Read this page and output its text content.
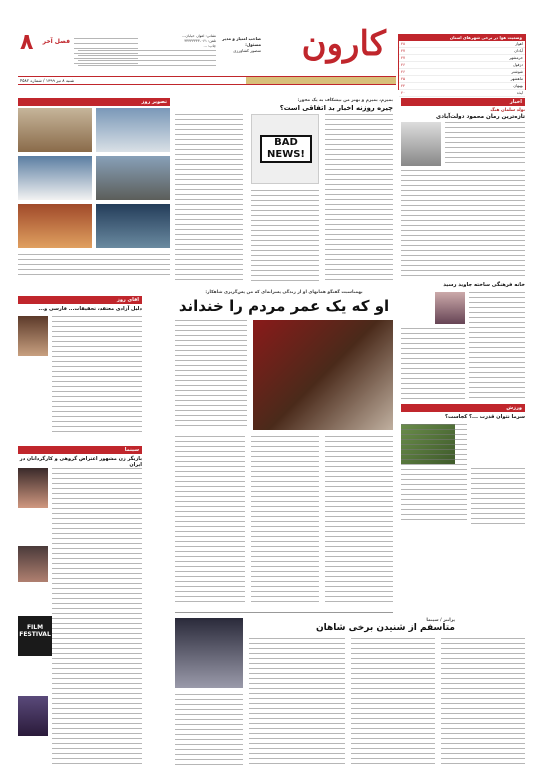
وضعیت هوا در برخی شهرهای استان
اهواز
۴۸
آبادان
۴۷
خرمشهر
۴۷
دزفول
۴۶
شوشتر
۴۶
ماهشهر
۴۵
بهبهان
۴۴
ایذه
۴۰
کارون
صاحب امتیاز و مدیر مسئول:
منصور کشاورزی
نشانی: اهواز، خیابان...
تلفن: ۰۶۱-۳۳۳۳۳۳۳۳
چاپ: ...
۸ فصل آخر
شنبه ۸ تیر ۱۳۹۹ / شماره ۴۵۸۲
اخبار
تولد سلمان هنگ
تازه‌ترین رمان محمود دولت‌آبادی
خانه فرهنگی ساخته جاوید رسید
ورزش
سرما نتوان قدرت ...؟ کجاست؟
بمیرم، بمیرم و بهتر من بیشکاف به یک محور:
چیره روزنه اخبار بد اتفاقی است؟
BAD NEWS!
تصویر روز
اقای روز
دلیل آزادی معتقد، تحقیقات... فارسی و...
سینما
بازیگر زن مشهور اعتراض گروهی و کارگردانان در ایران
FILM FESTIVAL
بهمناسبت گفتگو همانهای او از زندگی پسرانه‌ای که من پس‌گریزی شاهکار:
او که یک عمر مردم را خنداند
پرانتز / سینما
متاسفم از شنیدن برخی شاهان
